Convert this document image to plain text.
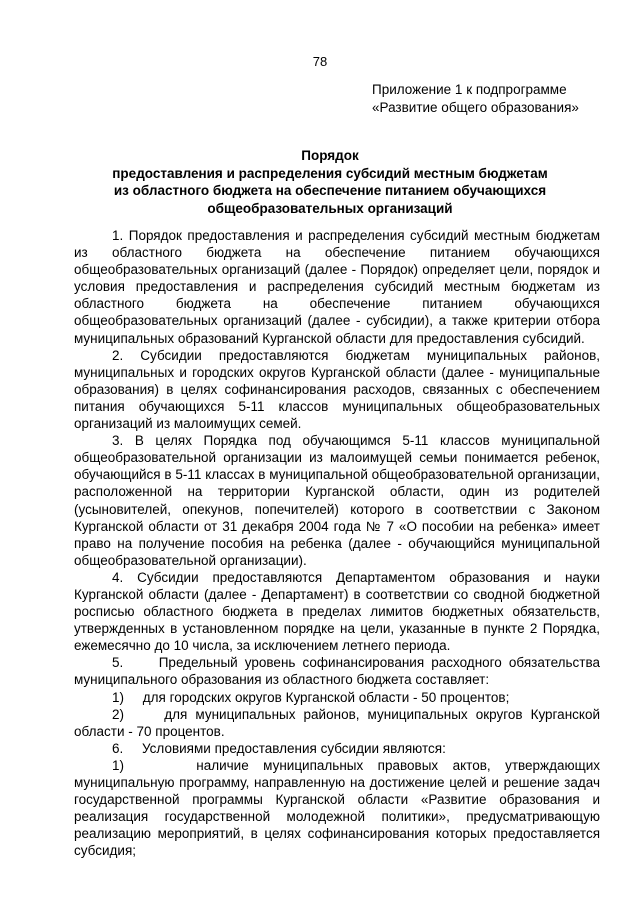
78
Приложение 1 к подпрограмме
«Развитие общего образования»
Порядок
предоставления и распределения субсидий местным бюджетам
из областного бюджета на обеспечение питанием обучающихся
общеобразовательных организаций

1. Порядок предоставления и распределения субсидий местным бюджетам из областного бюджета на обеспечение питанием обучающихся общеобразовательных организаций (далее - Порядок) определяет цели, порядок и условия предоставления и распределения субсидий местным бюджетам из областного бюджета на обеспечение питанием обучающихся общеобразовательных организаций (далее - субсидии), а также критерии отбора муниципальных образований Курганской области для предоставления субсидий.

2. Субсидии предоставляются бюджетам муниципальных районов, муниципальных и городских округов Курганской области (далее - муниципальные образования) в целях софинансирования расходов, связанных с обеспечением питания обучающихся 5-11 классов муниципальных общеобразовательных организаций из малоимущих семей.

3. В целях Порядка под обучающимся 5-11 классов муниципальной общеобразовательной организации из малоимущей семьи понимается ребенок, обучающийся в 5-11 классах в муниципальной общеобразовательной организации, расположенной на территории Курганской области, один из родителей (усыновителей, опекунов, попечителей) которого в соответствии с Законом Курганской области от 31 декабря 2004 года № 7 «О пособии на ребенка» имеет право на получение пособия на ребенка (далее - обучающийся муниципальной общеобразовательной организации).

4. Субсидии предоставляются Департаментом образования и науки Курганской области (далее - Департамент) в соответствии со сводной бюджетной росписью областного бюджета в пределах лимитов бюджетных обязательств, утвержденных в установленном порядке на цели, указанные в пункте 2 Порядка, ежемесячно до 10 числа, за исключением летнего периода.

5.     Предельный уровень софинансирования расходного обязательства муниципального образования из областного бюджета составляет:

1)     для городских округов Курганской области - 50 процентов;

2)     для муниципальных районов, муниципальных округов Курганской области - 70 процентов.

6.     Условиями предоставления субсидии являются:

1)     наличие муниципальных правовых актов, утверждающих муниципальную программу, направленную на достижение целей и решение задач государственной программы Курганской области «Развитие образования и реализация государственной молодежной политики», предусматривающую реализацию мероприятий, в целях софинансирования которых предоставляется субсидия;
